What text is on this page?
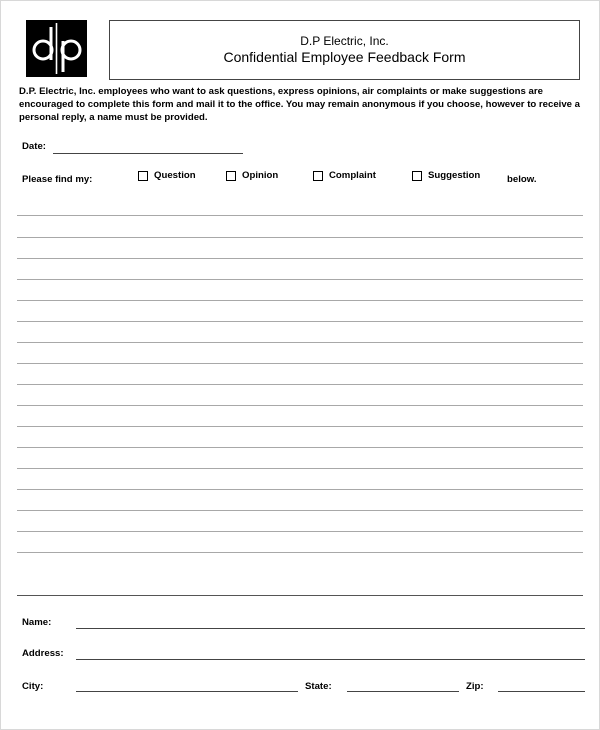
D.P Electric, Inc.
Confidential Employee Feedback Form

D.P. Electric, Inc. employees who want to ask questions, express opinions, air complaints or make suggestions are encouraged to complete this form and mail it to the office. You may remain anonymous if you choose, however to receive a personal reply, a name must be provided.

Date:
Please find my:	Question	Opinion	Complaint	Suggestion	below.
Name:
Address:
City:	State:	Zip:
